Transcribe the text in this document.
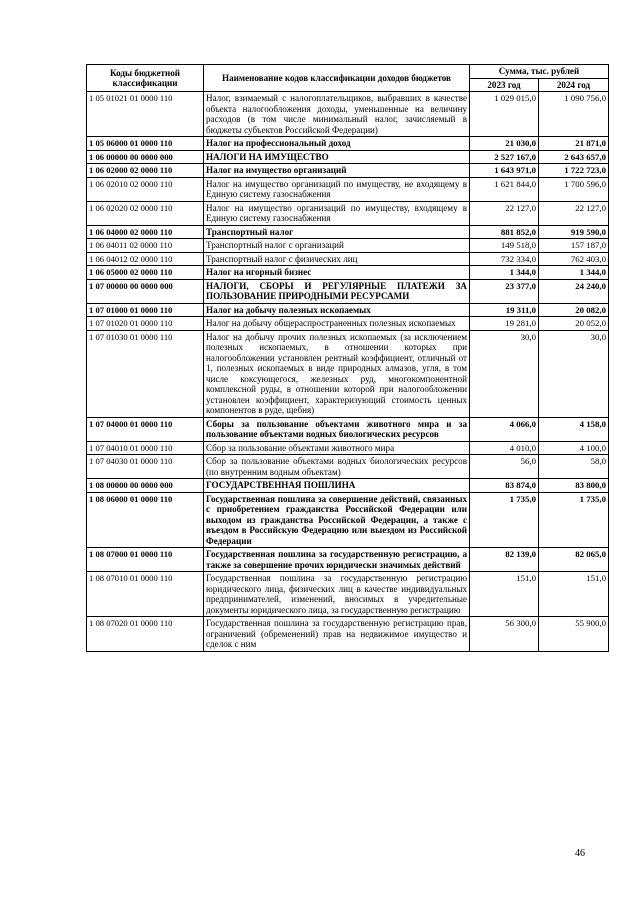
Коды бюджетной классификации	Наименование кодов классификации доходов бюджетов	Сумма, тыс. рублей	
		2023 год	2024 год
1 05 01021 01 0000 110	Налог, взимаемый с налогоплательщиков, выбравших в качестве объекта налогообложения доходы, уменьшенные на величину расходов (в том числе минимальный налог, зачисляемый в бюджеты субъектов Российской Федерации)	1 029 015,0	1 090 756,0
1 05 06000 01 0000 110	Налог на профессиональный доход	21 030,0	21 871,0
1 06 00000 00 0000 000	НАЛОГИ НА ИМУЩЕСТВО	2 527 167,0	2 643 657,0
1 06 02000 02 0000 110	Налог на имущество организаций	1 643 971,0	1 722 723,0
1 06 02010 02 0000 110	Налог на имущество организаций по имуществу, не входящему в Единую систему газоснабжения	1 621 844,0	1 700 596,0
1 06 02020 02 0000 110	Налог на имущество организаций по имуществу, входящему в Единую систему газоснабжения	22 127,0	22 127,0
1 06 04000 02 0000 110	Транспортный налог	881 852,0	919 590,0
1 06 04011 02 0000 110	Транспортный налог с организаций	149 518,0	157 187,0
1 06 04012 02 0000 110	Транспортный налог с физических лиц	732 334,0	762 403,0
1 06 05000 02 0000 110	Налог на игорный бизнес	1 344,0	1 344,0
1 07 00000 00 0000 000	НАЛОГИ, СБОРЫ И РЕГУЛЯРНЫЕ ПЛАТЕЖИ ЗА ПОЛЬЗОВАНИЕ ПРИРОДНЫМИ РЕСУРСАМИ	23 377,0	24 240,0
1 07 01000 01 0000 110	Налог на добычу полезных ископаемых	19 311,0	20 082,0
1 07 01020 01 0000 110	Налог на добычу общераспространенных полезных ископаемых	19 281,0	20 052,0
1 07 01030 01 0000 110	Налог на добычу прочих полезных ископаемых (за исключением полезных ископаемых, в отношении которых при налогообложении установлен рентный коэффициент, отличный от 1, полезных ископаемых в виде природных алмазов, угля, в том числе коксующегося, железных руд, многокомпонентной комплексной руды, в отношении которой при налогообложении установлен коэффициент, характеризующий стоимость ценных компонентов в руде, щебня)	30,0	30,0
1 07 04000 01 0000 110	Сборы за пользование объектами животного мира и за пользование объектами водных биологических ресурсов	4 066,0	4 158,0
1 07 04010 01 0000 110	Сбор за пользование объектами животного мира	4 010,0	4 100,0
1 07 04030 01 0000 110	Сбор за пользование объектами водных биологических ресурсов (по внутренним водным объектам)	56,0	58,0
1 08 00000 00 0000 000	ГОСУДАРСТВЕННАЯ ПОШЛИНА	83 874,0	83 800,0
1 08 06000 01 0000 110	Государственная пошлина за совершение действий, связанных с приобретением гражданства Российской Федерации или выходом из гражданства Российской Федерации, а также с въездом в Российскую Федерацию или выездом из Российской Федерации	1 735,0	1 735,0
1 08 07000 01 0000 110	Государственная пошлина за государственную регистрацию, а также за совершение прочих юридически значимых действий	82 139,0	82 065,0
1 08 07010 01 0000 110	Государственная пошлина за государственную регистрацию юридического лица, физических лиц в качестве индивидуальных предпринимателей, изменений, вносимых в учредительные документы юридического лица, за государственную регистрацию	151,0	151,0
1 08 07020 01 0000 110	Государственная пошлина за государственную регистрацию прав, ограничений (обременений) прав на недвижимое имущество и сделок с ним	56 300,0	55 900,0
46
